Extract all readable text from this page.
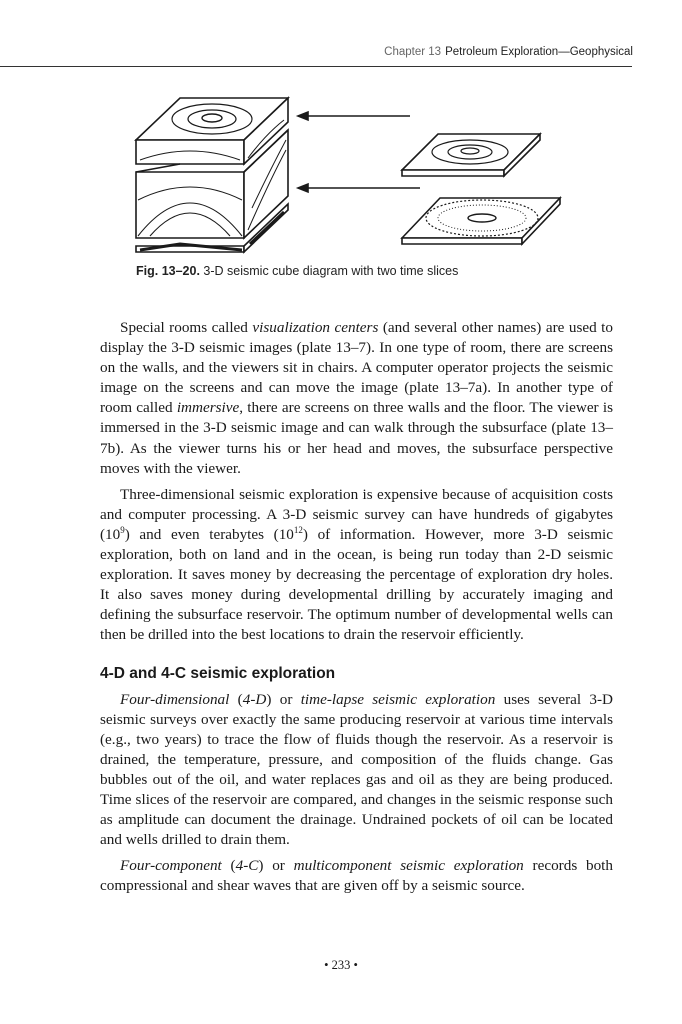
Chapter 13 Petroleum Exploration—Geophysical
Fig. 13–20. 3-D seismic cube diagram with two time slices

Special rooms called visualization centers (and several other names) are used to display the 3-D seismic images (plate 13–7). In one type of room, there are screens on the walls, and the viewers sit in chairs. A computer operator projects the seismic image on the screens and can move the image (plate 13–7a). In another type of room called immersive, there are screens on three walls and the floor. The viewer is immersed in the 3-D seismic image and can walk through the subsurface (plate 13–7b). As the viewer turns his or her head and moves, the subsurface perspective moves with the viewer.

Three-dimensional seismic exploration is expensive because of acquisition costs and computer processing. A 3-D seismic survey can have hundreds of gigabytes $(10^9)$ and even terabytes $(10^{12})$ of information. However, more 3-D seismic exploration, both on land and in the ocean, is being run today than 2-D seismic exploration. It saves money by decreasing the percentage of exploration dry holes. It also saves money during developmental drilling by accurately imaging and defining the subsurface reservoir. The optimum number of developmental wells can then be drilled into the best locations to drain the reservoir efficiently.

4-D and 4-C seismic exploration

Four-dimensional (4-D) or time-lapse seismic exploration uses several 3-D seismic surveys over exactly the same producing reservoir at various time intervals (e.g., two years) to trace the flow of fluids though the reservoir. As a reservoir is drained, the temperature, pressure, and composition of the fluids change. Gas bubbles out of the oil, and water replaces gas and oil as they are being produced. Time slices of the reservoir are compared, and changes in the seismic response such as amplitude can document the drainage. Undrained pockets of oil can be located and wells drilled to drain them.

Four-component (4-C) or multicomponent seismic exploration records both compressional and shear waves that are given off by a seismic source.

• 233 •
